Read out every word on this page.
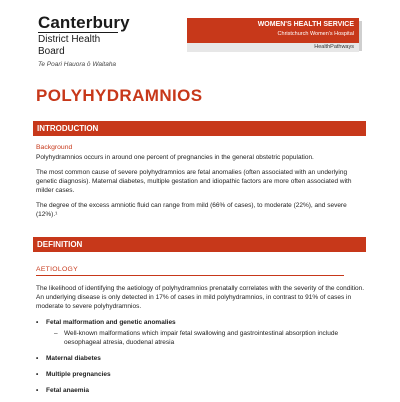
Canterbury
District Health Board
Te Poari Hauora ō Waitaha
WOMEN'S HEALTH SERVICE
Christchurch Women's Hospital
HealthPathways
POLYHYDRAMNIOS
INTRODUCTION
Background

Polyhydramnios occurs in around one percent of pregnancies in the general obstetric population.

The most common cause of severe polyhydramnios are fetal anomalies (often associated with an underlying genetic diagnosis). Maternal diabetes, multiple gestation and idiopathic factors are more often associated with milder cases.

The degree of the excess amniotic fluid can range from mild (66% of cases), to moderate (22%), and severe (12%).¹

DEFINITION
AETIOLOGY

The likelihood of identifying the aetiology of polyhydramnios prenatally correlates with the severity of the condition. An underlying disease is only detected in 17% of cases in mild polyhydramnios, in contrast to 91% of cases in moderate to severe polyhydramnios.

• Fetal malformation and genetic anomalies
– Well-known malformations which impair fetal swallowing and gastrointestinal absorption include oesophageal atresia, duodenal atresia
• Maternal diabetes
• Multiple pregnancies
• Fetal anaemia
